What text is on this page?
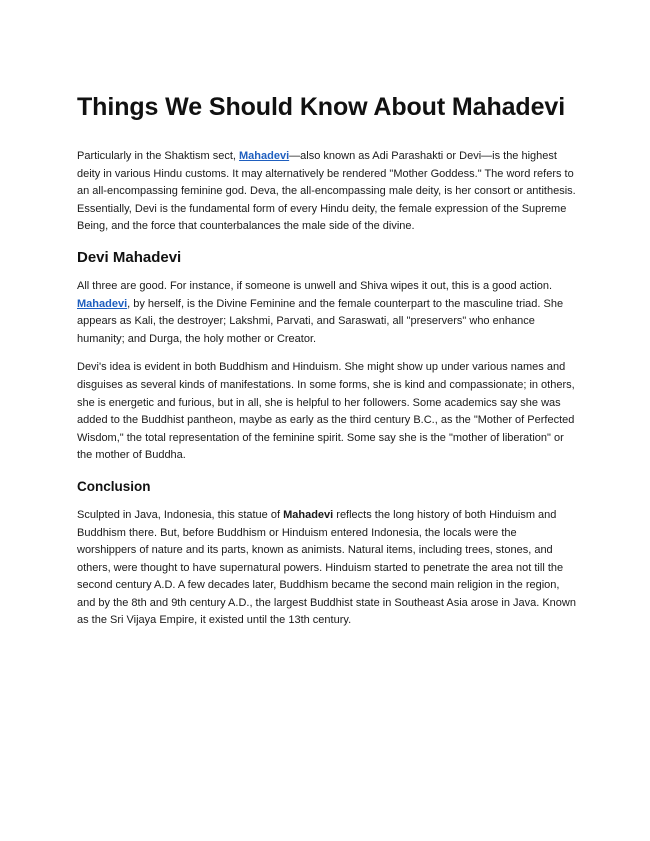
Things We Should Know About Mahadevi

Particularly in the Shaktism sect, Mahadevi—also known as Adi Parashakti or Devi—is the highest deity in various Hindu customs. It may alternatively be rendered "Mother Goddess." The word refers to an all-encompassing feminine god. Deva, the all-encompassing male deity, is her consort or antithesis. Essentially, Devi is the fundamental form of every Hindu deity, the female expression of the Supreme Being, and the force that counterbalances the male side of the divine.

Devi Mahadevi

All three are good. For instance, if someone is unwell and Shiva wipes it out, this is a good action. Mahadevi, by herself, is the Divine Feminine and the female counterpart to the masculine triad. She appears as Kali, the destroyer; Lakshmi, Parvati, and Saraswati, all "preservers" who enhance humanity; and Durga, the holy mother or Creator.

Devi's idea is evident in both Buddhism and Hinduism. She might show up under various names and disguises as several kinds of manifestations. In some forms, she is kind and compassionate; in others, she is energetic and furious, but in all, she is helpful to her followers. Some academics say she was added to the Buddhist pantheon, maybe as early as the third century B.C., as the "Mother of Perfected Wisdom," the total representation of the feminine spirit. Some say she is the "mother of liberation" or the mother of Buddha.

Conclusion

Sculpted in Java, Indonesia, this statue of Mahadevi reflects the long history of both Hinduism and Buddhism there. But, before Buddhism or Hinduism entered Indonesia, the locals were the worshippers of nature and its parts, known as animists. Natural items, including trees, stones, and others, were thought to have supernatural powers. Hinduism started to penetrate the area not till the second century A.D. A few decades later, Buddhism became the second main religion in the region, and by the 8th and 9th century A.D., the largest Buddhist state in Southeast Asia arose in Java. Known as the Sri Vijaya Empire, it existed until the 13th century.
